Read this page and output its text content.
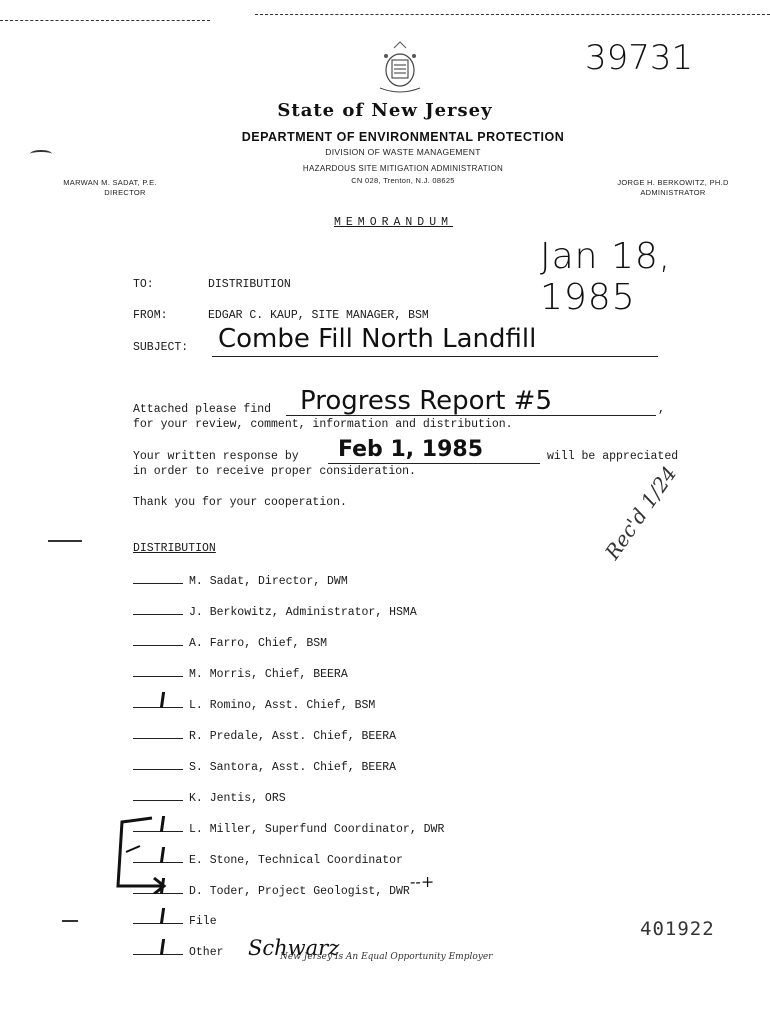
39731
State of New Jersey
DEPARTMENT OF ENVIRONMENTAL PROTECTION
DIVISION OF WASTE MANAGEMENT
HAZARDOUS SITE MITIGATION ADMINISTRATION
CN 028, Trenton, N.J. 08625
MARWAN M. SADAT, P.E.
DIRECTOR
JORGE H. BERKOWITZ, PH.D
ADMINISTRATOR
MEMORANDUM
Jan 18, 1985
TO:	DISTRIBUTION
FROM:	EDGAR C. KAUP, SITE MANAGER, BSM
SUBJECT: Combe Fill North Landfill
Attached please find Progress Report #5	,
for your review, comment, information and distribution.
Your written response by Feb 1, 1985	will be appreciated
in order to receive proper consideration.
Thank you for your cooperation.
DISTRIBUTION	Rec'd 1/24
M. Sadat, Director, DWM
J. Berkowitz, Administrator, HSMA
A. Farro, Chief, BSM
M. Morris, Chief, BEERA
L. Romino, Asst. Chief, BSM
R. Predale, Asst. Chief, BEERA
S. Santora, Asst. Chief, BEERA
K. Jentis, ORS
L. Miller, Superfund Coordinator, DWR
E. Stone, Technical Coordinator
D. Toder, Project Geologist, DWR
File
Other
--+
Schwarz
New Jersey Is An Equal Opportunity Employer
401922
